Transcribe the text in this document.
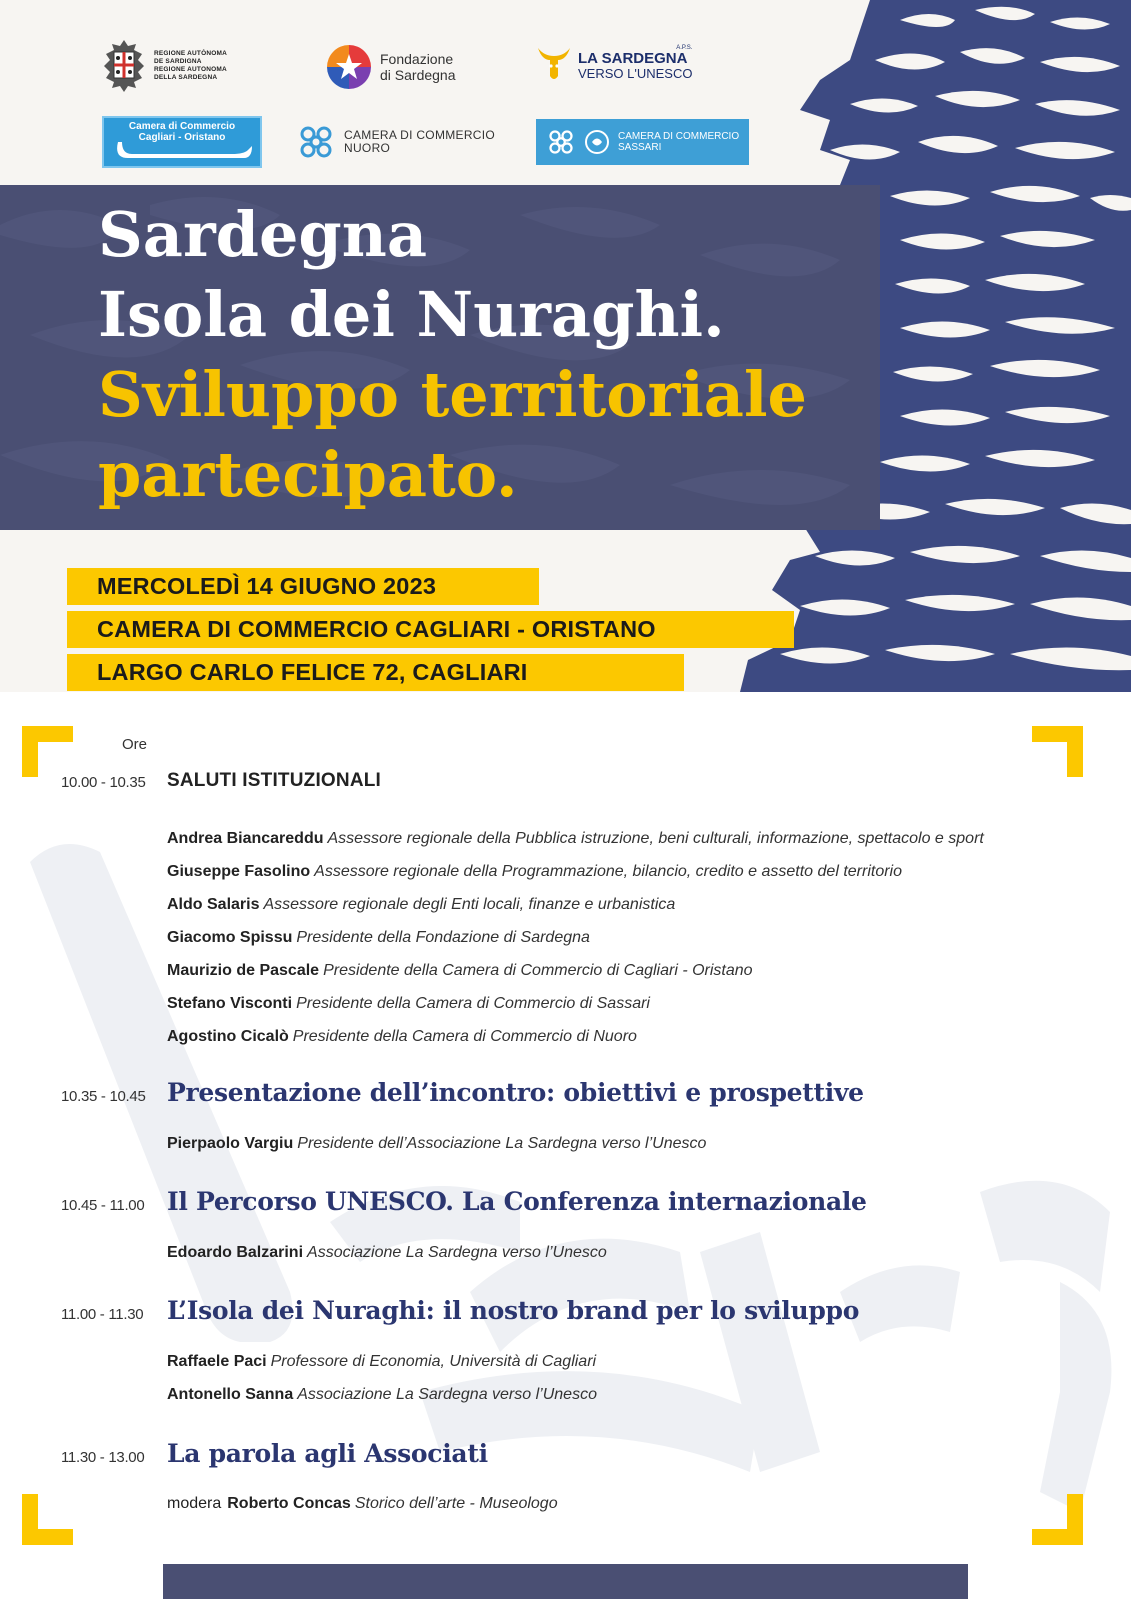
REGIONE AUTÒNOMA
DE SARDIGNA
REGIONE AUTONOMA
DELLA SARDEGNA
Fondazione
di Sardegna
A.P.S.
LA SARDEGNA
VERSO L'UNESCO
Camera di Commercio
Cagliari - Oristano	CAMERA DI COMMERCIO
NUORO
CAMERA DI COMMERCIO
SASSARI
Sardegna
Isola dei Nuraghi.
Sviluppo territoriale
partecipato.
MERCOLEDÌ 14 GIUGNO 2023
CAMERA DI COMMERCIO CAGLIARI - ORISTANO
LARGO CARLO FELICE 72, CAGLIARI
Ore
10.00 - 10.35	SALUTI ISTITUZIONALI
Andrea Biancareddu Assessore regionale della Pubblica istruzione, beni culturali, informazione, spettacolo e sport
Giuseppe Fasolino Assessore regionale della Programmazione, bilancio, credito e assetto del territorio
Aldo Salaris Assessore regionale degli Enti locali, finanze e urbanistica
Giacomo Spissu Presidente della Fondazione di Sardegna
Maurizio de Pascale Presidente della Camera di Commercio di Cagliari - Oristano
Stefano Visconti Presidente della Camera di Commercio di Sassari
Agostino Cicalò Presidente della Camera di Commercio di Nuoro
10.35 - 10.45 Presentazione dell’incontro: obiettivi e prospettive
Pierpaolo Vargiu Presidente dell’Associazione La Sardegna verso l’Unesco
10.45 - 11.00 Il Percorso UNESCO. La Conferenza internazionale
Edoardo Balzarini Associazione La Sardegna verso l’Unesco
11.00 - 11.30 L’Isola dei Nuraghi: il nostro brand per lo sviluppo
Raffaele Paci Professore di Economia, Università di Cagliari
Antonello Sanna Associazione La Sardegna verso l’Unesco
11.30 - 13.00 La parola agli Associati
modera Roberto Concas Storico dell’arte - Museologo
